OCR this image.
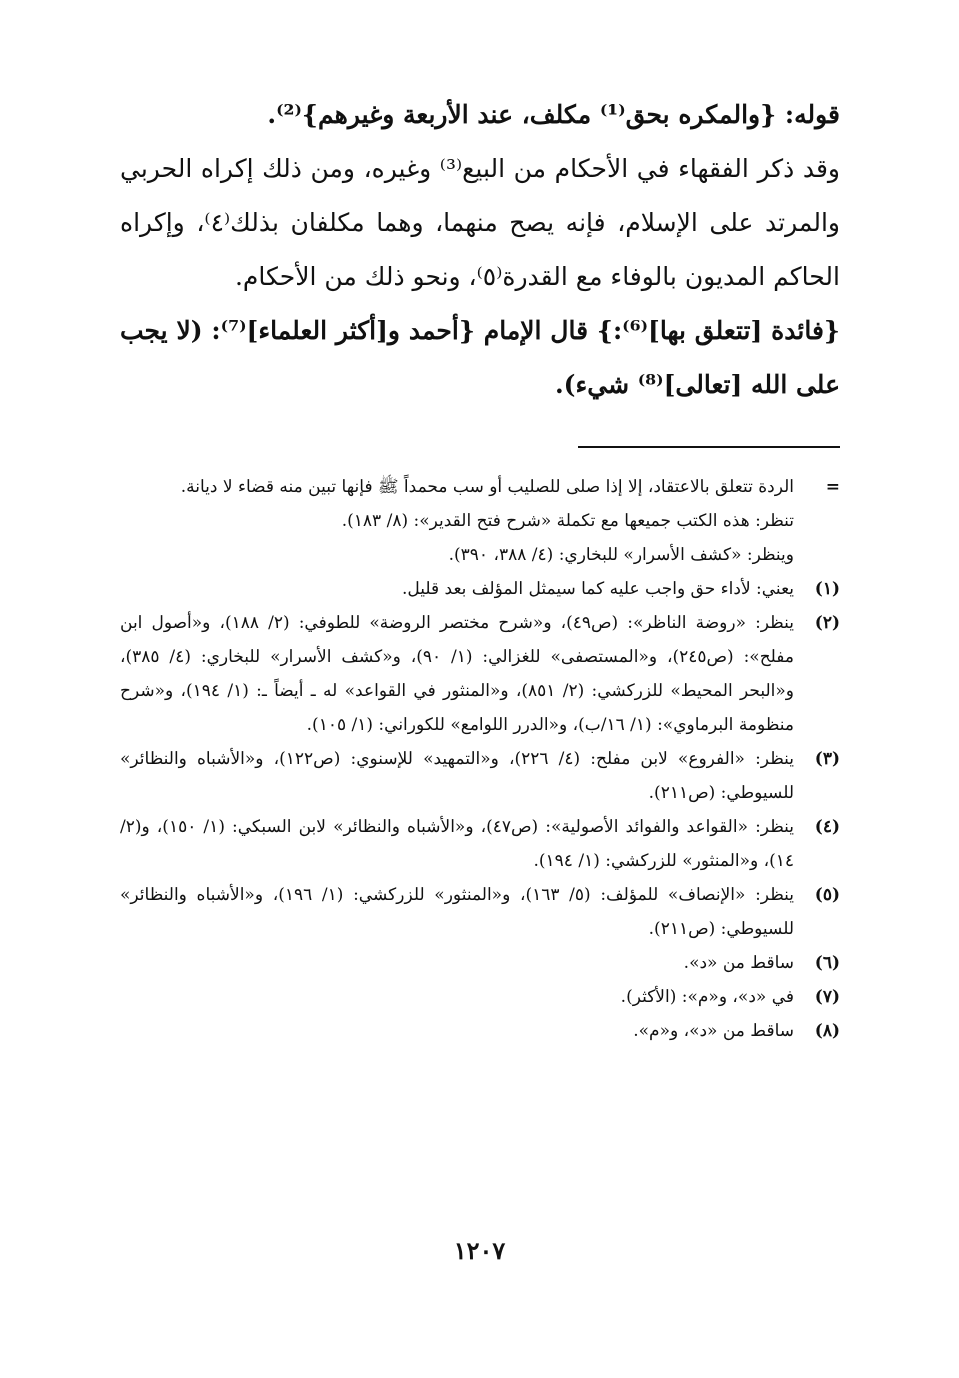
قوله: {والمكره بحق⁽¹⁾ مكلف، عند الأربعة وغيرهم}⁽²⁾.

وقد ذكر الفقهاء في الأحكام من البيع⁽³⁾ وغيره، ومن ذلك إكراه الحربي والمرتد على الإسلام، فإنه يصح منهما، وهما مكلفان بذلك⁽٤⁾، وإكراه الحاكم المديون بالوفاء مع القدرة⁽٥⁾، ونحو ذلك من الأحكام.

{فائدة [تتعلق بها]⁽⁶⁾:} قال الإمام {أحمد و[أكثر العلماء]⁽⁷⁾: (لا يجب على الله [تعالى]⁽⁸⁾ شيء).

=
الردة تتعلق بالاعتقاد، إلا إذا صلى للصليب أو سب محمداً ﷺ فإنها تبين منه قضاء لا ديانة.
تنظر: هذه الكتب جميعها مع تكملة «شرح فتح القدير»: (٨/ ١٨٣).
وينظر: «كشف الأسرار» للبخاري: (٤/ ٣٨٨، ٣٩٠).
(١)
يعني: لأداء حق واجب عليه كما سيمثل المؤلف بعد قليل.
(٢)
ينظر: «روضة الناظر»: (ص٤٩)، و«شرح مختصر الروضة» للطوفي: (٢/ ١٨٨)، و«أصول ابن مفلح»: (ص٢٤٥)، و«المستصفى» للغزالي: (١/ ٩٠)، و«كشف الأسرار» للبخاري: (٤/ ٣٨٥)، و«البحر المحيط» للزركشي: (٢/ ٨٥١)، و«المنثور في القواعد» له ـ أيضاً ـ: (١/ ١٩٤)، و«شرح منظومة البرماوي»: (١/ ١٦/ب)، و«الدرر اللوامع» للكوراني: (١/ ١٠٥).
(٣)
ينظر: «الفروع» لابن مفلح: (٤/ ٢٢٦)، و«التمهيد» للإسنوي: (ص١٢٢)، و«الأشباه والنظائر» للسيوطي: (ص٢١١).
(٤)
ينظر: «القواعد والفوائد الأصولية»: (ص٤٧)، و«الأشباه والنظائر» لابن السبكي: (١/ ١٥٠)، و(٢/ ١٤)، و«المنثور» للزركشي: (١/ ١٩٤).
(٥)
ينظر: «الإنصاف» للمؤلف: (٥/ ١٦٣)، و«المنثور» للزركشي: (١/ ١٩٦)، و«الأشباه والنظائر» للسيوطي: (ص٢١١).
(٦)
ساقط من «د».
(٧)
في «د»، و«م»: (الأكثر).
(٨)
ساقط من «د»، و«م».
١٢٠٧
